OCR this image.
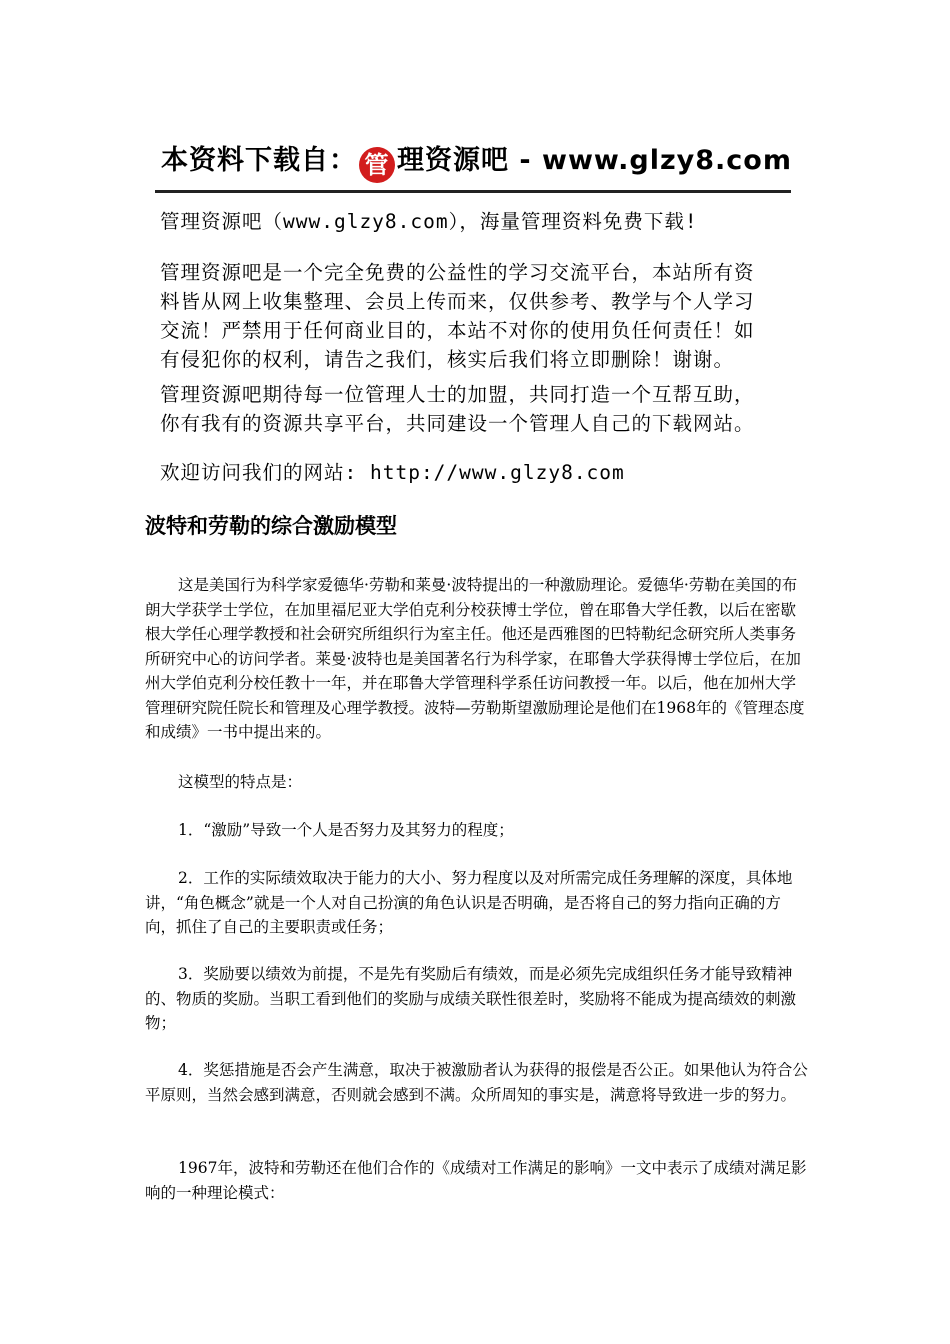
本资料下载自： 管 理资源吧 - www.glzy8.com

管理资源吧（www.glzy8.com），海量管理资料免费下载!

管理资源吧是一个完全免费的公益性的学习交流平台，本站所有资

料皆从网上收集整理、会员上传而来，仅供参考、教学与个人学习

交流！严禁用于任何商业目的，本站不对你的使用负任何责任！如

有侵犯你的权利，请告之我们，核实后我们将立即删除！谢谢。

管理资源吧期待每一位管理人士的加盟，共同打造一个互帮互助，

你有我有的资源共享平台，共同建设一个管理人自己的下载网站。

欢迎访问我们的网站: http://www.glzy8.com

波特和劳勒的综合激励模型

这是美国行为科学家爱德华·劳勒和莱曼·波特提出的一种激励理论。爱德华·劳勒在美国的布朗大学获学士学位，在加里福尼亚大学伯克利分校获博士学位，曾在耶鲁大学任教，以后在密歇根大学任心理学教授和社会研究所组织行为室主任。他还是西雅图的巴特勒纪念研究所人类事务所研究中心的访问学者。莱曼·波特也是美国著名行为科学家，在耶鲁大学获得博士学位后，在加州大学伯克利分校任教十一年，并在耶鲁大学管理科学系任访问教授一年。以后，他在加州大学管理研究院任院长和管理及心理学教授。波特—劳勒斯望激励理论是他们在1968年的《管理态度和成绩》一书中提出来的。

这模型的特点是：

1．“激励”导致一个人是否努力及其努力的程度；

2．工作的实际绩效取决于能力的大小、努力程度以及对所需完成任务理解的深度，具体地讲，“角色概念”就是一个人对自己扮演的角色认识是否明确，是否将自己的努力指向正确的方向，抓住了自己的主要职责或任务；

3．奖励要以绩效为前提，不是先有奖励后有绩效，而是必须先完成组织任务才能导致精神的、物质的奖励。当职工看到他们的奖励与成绩关联性很差时，奖励将不能成为提高绩效的刺激物；

4．奖惩措施是否会产生满意，取决于被激励者认为获得的报偿是否公正。如果他认为符合公平原则，当然会感到满意，否则就会感到不满。众所周知的事实是，满意将导致进一步的努力。

1967年，波特和劳勒还在他们合作的《成绩对工作满足的影响》一文中表示了成绩对满足影响的一种理论模式：
